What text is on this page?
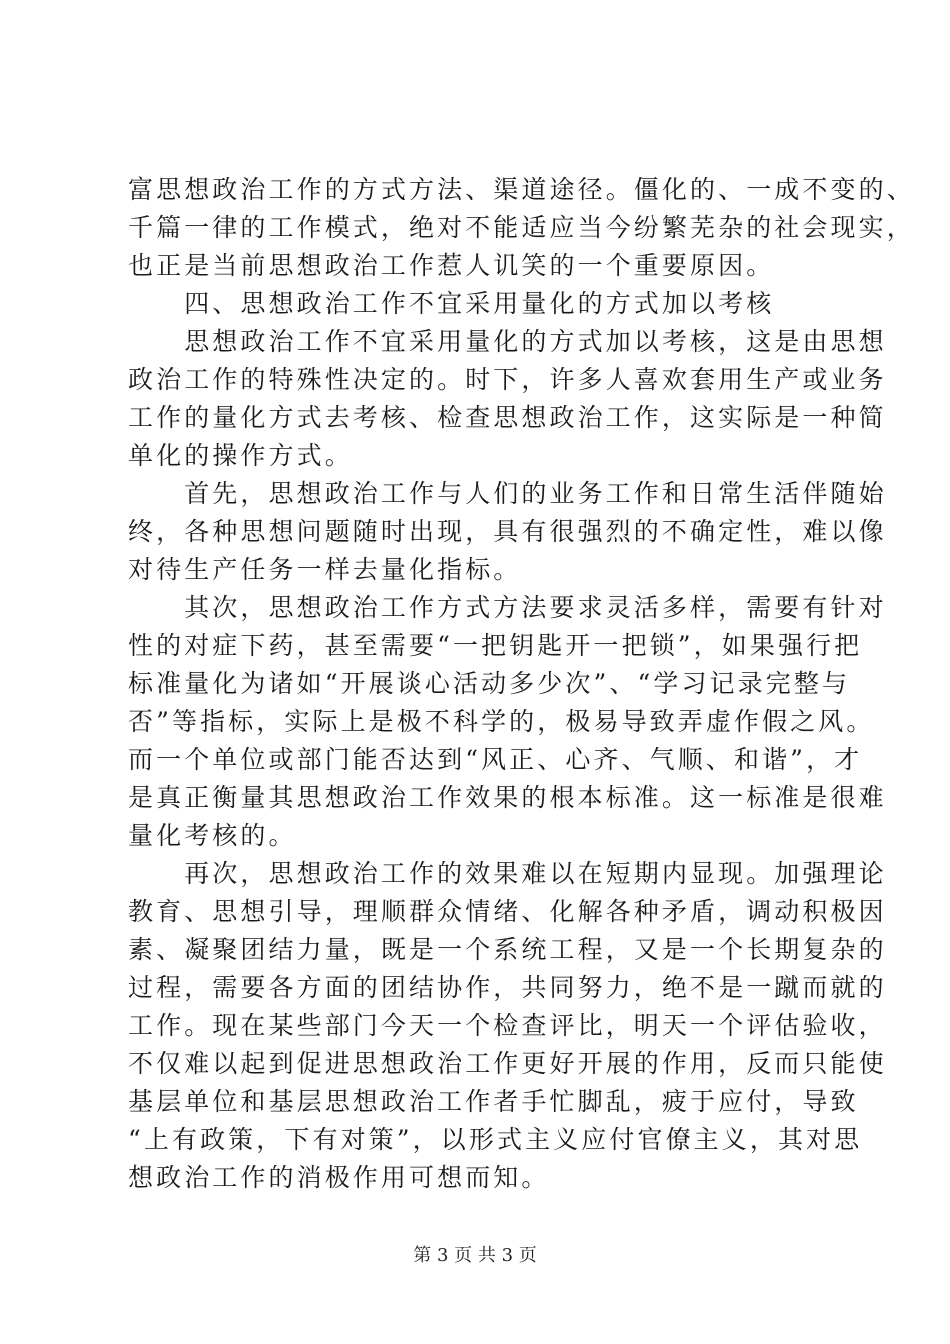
富思想政治工作的方式方法、渠道途径。僵化的、一成不变的、
千篇一律的工作模式，绝对不能适应当今纷繁芜杂的社会现实，
也正是当前思想政治工作惹人讥笑的一个重要原因。
　　四、思想政治工作不宜采用量化的方式加以考核
　　思想政治工作不宜采用量化的方式加以考核，这是由思想
政治工作的特殊性决定的。时下，许多人喜欢套用生产或业务
工作的量化方式去考核、检查思想政治工作，这实际是一种简
单化的操作方式。
　　首先，思想政治工作与人们的业务工作和日常生活伴随始
终，各种思想问题随时出现，具有很强烈的不确定性，难以像
对待生产任务一样去量化指标。
　　其次，思想政治工作方式方法要求灵活多样，需要有针对
性的对症下药，甚至需要“一把钥匙开一把锁”，如果强行把
标准量化为诸如“开展谈心活动多少次”、“学习记录完整与
否”等指标，实际上是极不科学的，极易导致弄虚作假之风。
而一个单位或部门能否达到“风正、心齐、气顺、和谐”，才
是真正衡量其思想政治工作效果的根本标准。这一标准是很难
量化考核的。
　　再次，思想政治工作的效果难以在短期内显现。加强理论
教育、思想引导，理顺群众情绪、化解各种矛盾，调动积极因
素、凝聚团结力量，既是一个系统工程，又是一个长期复杂的
过程，需要各方面的团结协作，共同努力，绝不是一蹴而就的
工作。现在某些部门今天一个检查评比，明天一个评估验收，
不仅难以起到促进思想政治工作更好开展的作用，反而只能使
基层单位和基层思想政治工作者手忙脚乱，疲于应付，导致
“上有政策，下有对策”，以形式主义应付官僚主义，其对思
想政治工作的消极作用可想而知。
第 3 页 共 3 页
